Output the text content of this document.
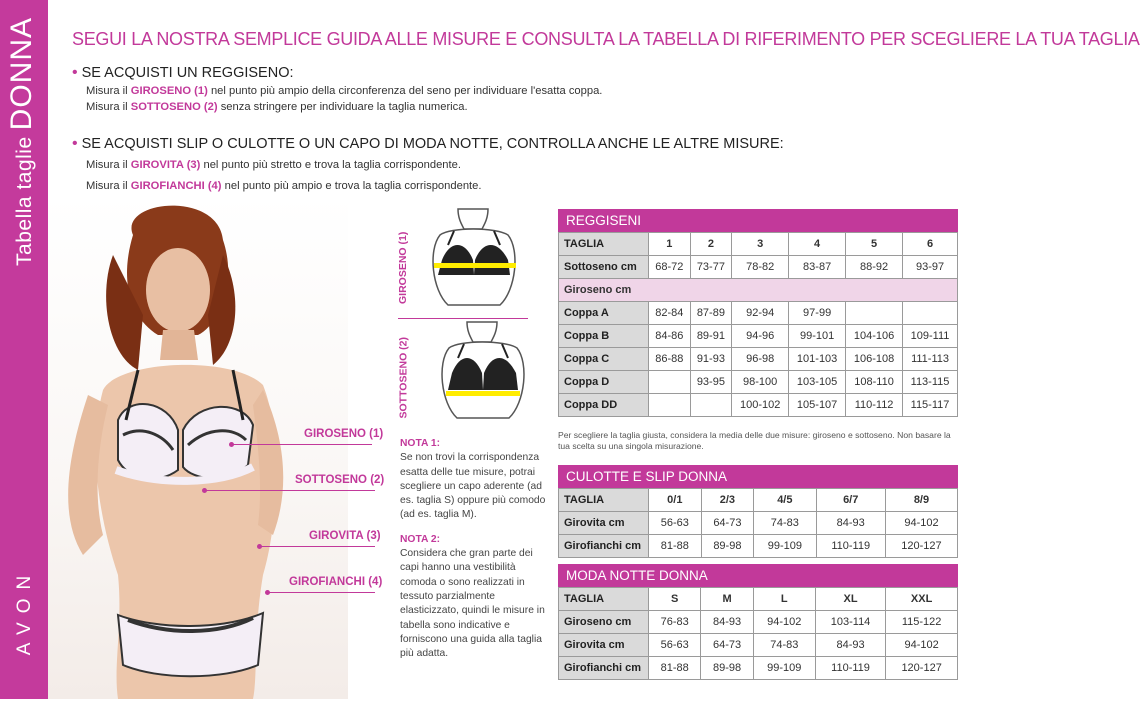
Tabella taglieDONNA
AVON
SEGUI LA NOSTRA SEMPLICE GUIDA ALLE MISURE E CONSULTA LA TABELLA DI RIFERIMENTO PER SCEGLIERE LA TUA TAGLIA
• SE ACQUISTI UN REGGISENO:
Misura il GIROSENO (1) nel punto più ampio della circonferenza del seno per individuare l'esatta coppa.
Misura il SOTTOSENO (2) senza stringere per individuare la taglia numerica.
• SE ACQUISTI SLIP O CULOTTE O UN CAPO DI MODA NOTTE, CONTROLLA ANCHE LE ALTRE MISURE:
Misura il GIROVITA (3) nel punto più stretto e trova la taglia corrispondente.
Misura il GIROFIANCHI (4) nel punto più ampio e trova la taglia corrispondente.
GIROSENO (1)
SOTTOSENO (2)
GIROVITA (3)
GIROFIANCHI (4)
GIROSENO (1)
SOTTOSENO (2)
NOTA 1:
Se non trovi la corrispondenza esatta delle tue misure, potrai scegliere un capo aderente (ad es. taglia S) oppure più comodo (ad es. taglia M).
NOTA 2:
Considera che gran parte dei capi hanno una vestibilità comoda o sono realizzati in tessuto parzialmente elasticizzato, quindi le misure in tabella sono indicative e forniscono una guida alla taglia più adatta.
REGGISENI
TAGLIA	1	2	3	4	5	6
Sottoseno cm	68-72	73-77	78-82	83-87	88-92	93-97
Giroseno cm						
Coppa A	82-84	87-89	92-94	97-99		
Coppa B	84-86	89-91	94-96	99-101	104-106	109-111
Coppa C	86-88	91-93	96-98	101-103	106-108	111-113
Coppa D		93-95	98-100	103-105	108-110	113-115
Coppa DD			100-102	105-107	110-112	115-117
Per scegliere la taglia giusta, considera la media delle due misure: giroseno e sottoseno. Non basare la tua scelta su una singola misurazione.
CULOTTE E SLIP DONNA
TAGLIA	0/1	2/3	4/5	6/7	8/9
Girovita cm	56-63	64-73	74-83	84-93	94-102
Girofianchi cm	81-88	89-98	99-109	110-119	120-127
MODA NOTTE DONNA
TAGLIA	S	M	L	XL	XXL
Giroseno cm	76-83	84-93	94-102	103-114	115-122
Girovita cm	56-63	64-73	74-83	84-93	94-102
Girofianchi cm	81-88	89-98	99-109	110-119	120-127
